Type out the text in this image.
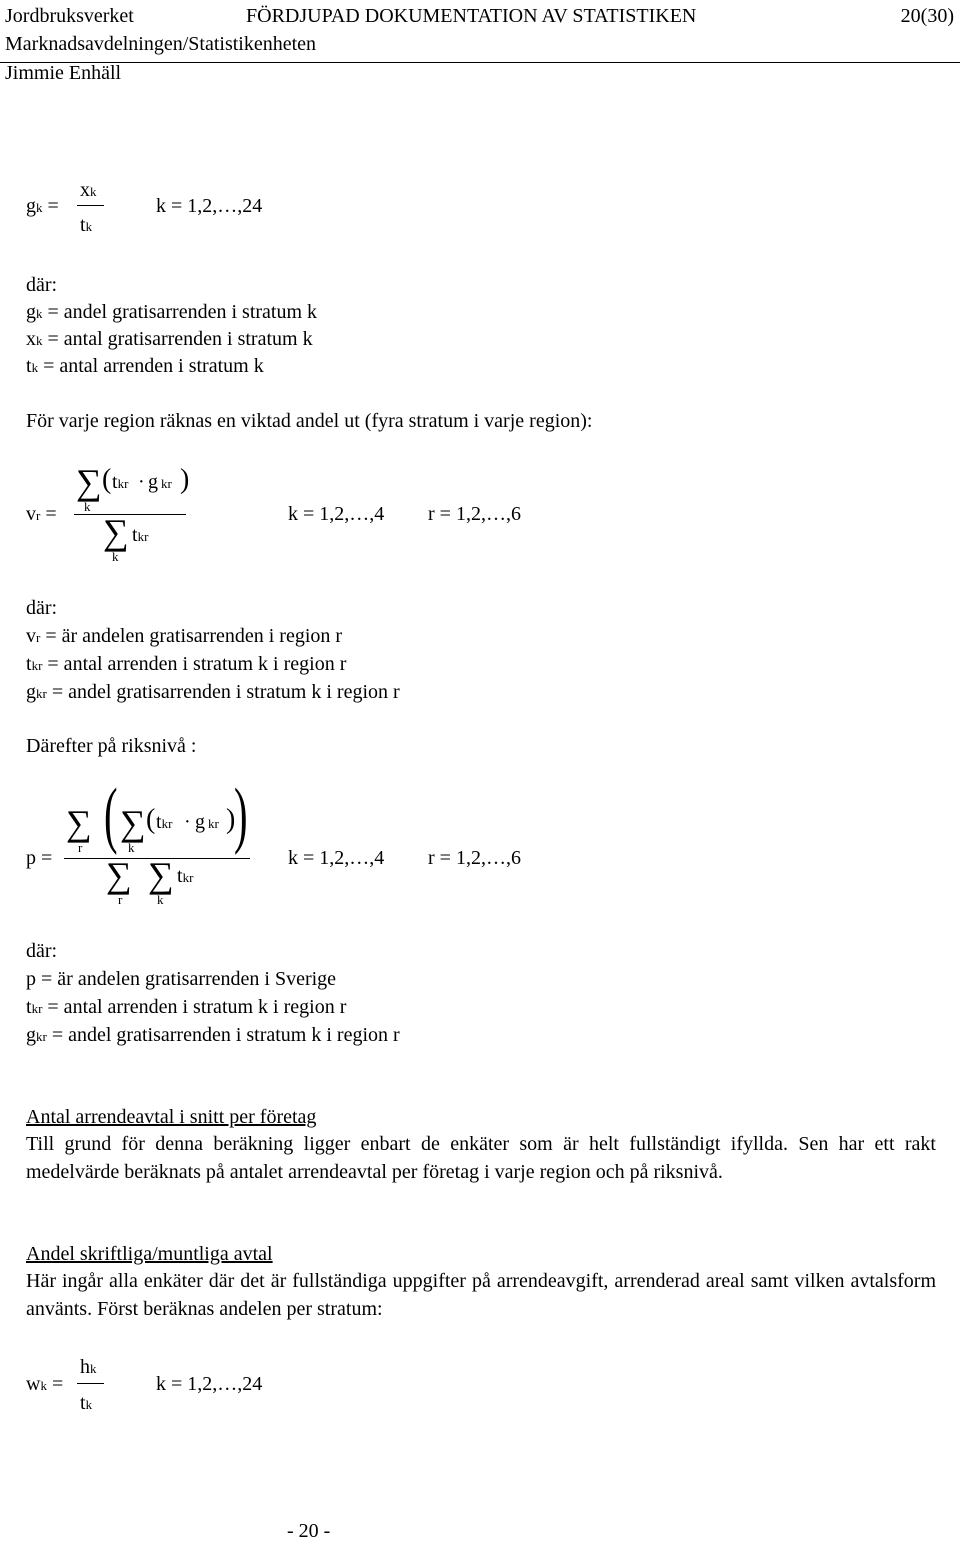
Jordbruksverket	FÖRDJUPAD DOKUMENTATION AV STATISTIKEN	20(30)
Marknadsavdelningen/Statistikenheten
Jimmie Enhäll
gk =
xk
tk
k = 1,2,…,24
där:
gk = andel gratisarrenden i stratum k
xk = antal gratisarrenden i stratum k
tk = antal arrenden i stratum k
För varje region räknas en viktad andel ut (fyra stratum i varje region):
vr =
∑
k
( tkr · gkr )
∑
k
tkr
k = 1,2,…,4 r = 1,2,…,6
där:
vr = är andelen gratisarrenden i region r
tkr = antal arrenden i stratum k i region r
gkr = andel gratisarrenden i stratum k i region r
Därefter på riksnivå :
p =
∑
r ( ∑
k
( tkr · gkr )
)
∑
r
∑
k
tkr
k = 1,2,…,4 r = 1,2,…,6
där:
p = är andelen gratisarrenden i Sverige
tkr = antal arrenden i stratum k i region r
gkr = andel gratisarrenden i stratum k i region r
Antal arrendeavtal i snitt per företag
Till grund för denna beräkning ligger enbart de enkäter som är helt fullständigt ifyllda. Sen har ett rakt medelvärde beräknats på antalet arrendeavtal per företag i varje region och på riksnivå.
Andel skriftliga/muntliga avtal
Här ingår alla enkäter där det är fullständiga uppgifter på arrendeavgift, arrenderad areal samt vilken avtalsform använts. Först beräknas andelen per stratum:
wk =
hk
tk
k = 1,2,…,24
- 20 -
